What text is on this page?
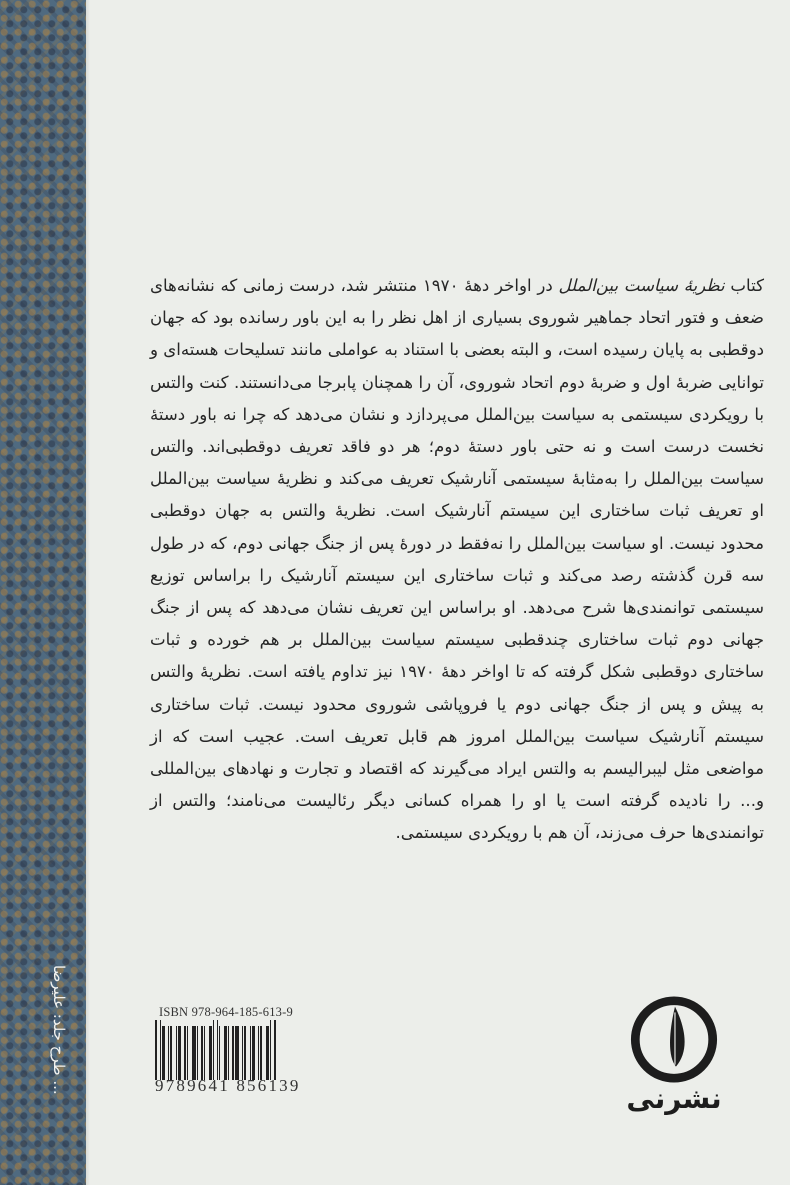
طرح جلد: علیرضا ...

کتاب نظریهٔ سیاست بین‌الملل در اواخر دههٔ ۱۹۷۰ منتشر شد، درست زمانی که نشانه‌های ضعف و فتور اتحاد جماهیر شوروی بسیاری از اهل نظر را به این باور رسانده بود که جهان دوقطبی به پایان رسیده است، و البته بعضی با استناد به عواملی مانند تسلیحات هسته‌ای و توانایی ضربهٔ اول و ضربهٔ دوم اتحاد شوروی، آن را همچنان پابرجا می‌دانستند. کنت والتس با رویکردی سیستمی به سیاست بین‌الملل می‌پردازد و نشان می‌دهد که چرا نه باور دستهٔ نخست درست است و نه حتی باور دستهٔ دوم؛ هر دو فاقد تعریف دوقطبی‌اند. والتس سیاست بین‌الملل را به‌مثابهٔ سیستمی آنارشیک تعریف می‌کند و نظریهٔ سیاست بین‌الملل او تعریف ثبات ساختاری این سیستم آنارشیک است. نظریهٔ والتس به جهان دوقطبی محدود نیست. او سیاست بین‌الملل را نه‌فقط در دورهٔ پس از جنگ جهانی دوم، که در طول سه قرن گذشته رصد می‌کند و ثبات ساختاری این سیستم آنارشیک را براساس توزیع سیستمی توانمندی‌ها شرح می‌دهد. او براساس این تعریف نشان می‌دهد که پس از جنگ جهانی دوم ثبات ساختاری چندقطبی سیستم سیاست بین‌الملل بر هم خورده و ثبات ساختاری دوقطبی شکل گرفته که تا اواخر دههٔ ۱۹۷۰ نیز تداوم یافته است. نظریهٔ والتس به پیش و پس از جنگ جهانی دوم یا فروپاشی شوروی محدود نیست. ثبات ساختاری سیستم آنارشیک سیاست بین‌الملل امروز هم قابل تعریف است. عجیب است که از مواضعی مثل لیبرالیسم به والتس ایراد می‌گیرند که اقتصاد و تجارت و نهادهای بین‌المللی و... را نادیده گرفته است یا او را همراه کسانی دیگر رئالیست می‌نامند؛ والتس از توانمندی‌ها حرف می‌زند، آن هم با رویکردی سیستمی.

ISBN 978-964-185-613-9
9789641 856139	نشرنی
